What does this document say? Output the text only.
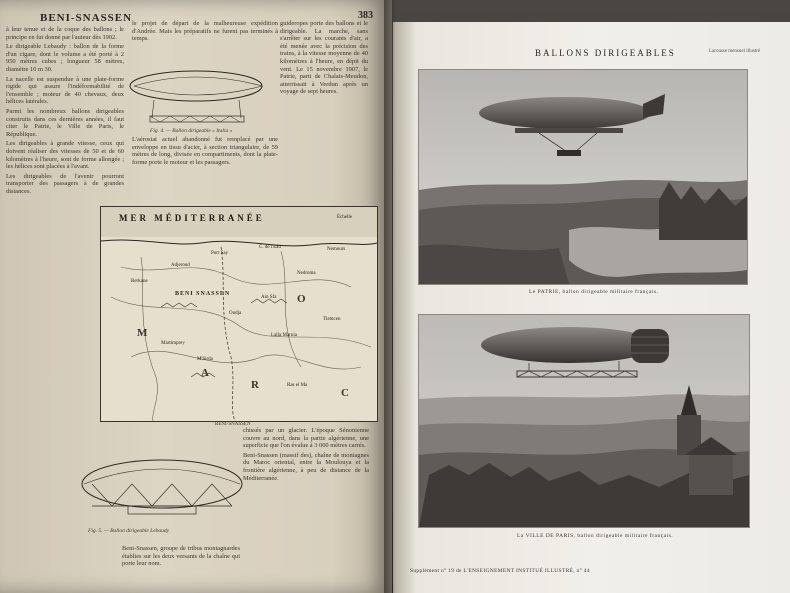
BENI-SNASSEN	383

à leur tenue et de la coque des ballons ; le principe en fut donné par l'auteur dès 1902.

Le dirigeable Lebaudy : ballon de la forme d'un cigare, dont le volume a été porté à 2 950 mètres cubes ; longueur 58 mètres, diamètre 10 m 30.

La nacelle est suspendue à une plate-forme rigide qui assure l'indéformabilité de l'ensemble ; moteur de 40 chevaux, deux hélices latérales.

Parmi les nombreux ballons dirigeables construits dans ces dernières années, il faut citer le Patrie, le Ville de Paris, le République.

Les dirigeables à grande vitesse, ceux qui doivent réaliser des vitesses de 50 et de 60 kilomètres à l'heure, sont de forme allongée ; les hélices sont placées à l'avant.

Les dirigeables de l'avenir pourront transporter des passagers à de grandes distances.

le projet de départ de la malheureuse expédition d'Andrée. Mais les préparatifs ne furent pas terminés à temps.

guideropes porte des ballons et le dirigeable. La marche, sans s'arrêter sur les courants d'air, a été menée avec la précision des trains, à la vitesse moyenne de 40 kilomètres à l'heure, en dépit du vent. Le 15 novembre 1907, le Patrie, parti de Chalais-Meudon, atterrissait à Verdun après un voyage de sept heures.

Fig. 4. — Ballon dirigeable « Italia »

L'aérostat actuel abandonné fut remplacé par une enveloppe en tissu d'acier, à section triangulaire, de 59 mètres de long, divisée en compartiments, dont la plate-forme porte le moteur et les passagers.

MER MÉDITERRANÉE	Échelle
C. de l'Eau
Port Say
Nemours
Adjeroud
Nedroma
Berkane
Oudja
Ain Sfa
Tlemcen
Lalla Marnia
Martimprey
M'Sirda
Ras el Ma
M
A
R
O
C
BENI SNASSEN
BENI-SNASSEN
Fig. 5. — Ballon dirigeable Lebaudy

chissés par un glacier. L'époque Sénonienne couvre au nord, dans la partie algérienne, une superficie que l'on évalue à 3 000 mètres carrés.

Beni-Snassen (massif des), chaîne de montagnes du Maroc oriental, entre la Moulouya et la frontière algérienne, à peu de distance de la Méditerranée.

Beni-Snassen, groupe de tribus montagnardes établies sur les deux versants de la chaîne qui porte leur nom.

BALLONS DIRIGEABLES	Larousse mensuel illustré
Le PATRIE, ballon dirigeable militaire français.
La VILLE DE PARIS, ballon dirigeable militaire français.
Supplément n° 19 de L'ENSEIGNEMENT INSTITUÉ ILLUSTRÉ, n° 44
